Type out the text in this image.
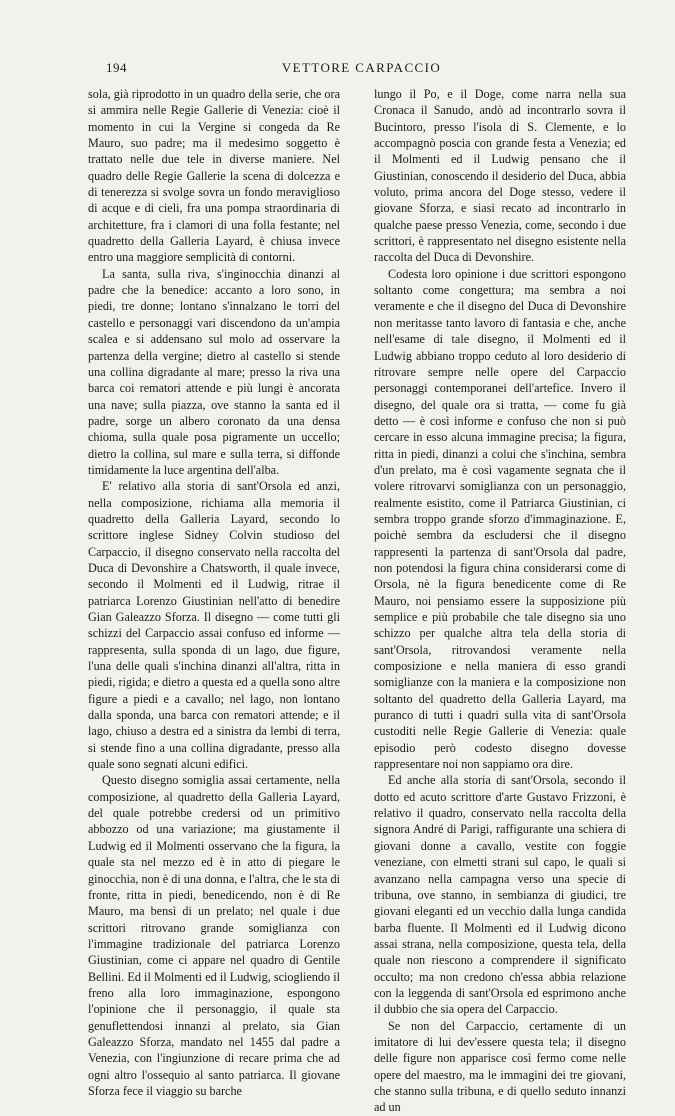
194	VETTORE CARPACCIO

sola, già riprodotto in un quadro della serie, che ora si ammira nelle Regie Gallerie di Venezia: cioè il momento in cui la Vergine si congeda da Re Mauro, suo padre; ma il medesimo soggetto è trattato nelle due tele in diverse maniere. Nel quadro delle Regie Gallerie la scena di dolcezza e di tenerezza si svolge sovra un fondo meraviglioso di acque e di cieli, fra una pompa straordinaria di architetture, fra i clamori di una folla festante; nel quadretto della Galleria Layard, è chiusa invece entro una maggiore semplicità di contorni.

La santa, sulla riva, s'inginocchia dinanzi al padre che la benedice: accanto a loro sono, in piedi, tre donne; lontano s'innalzano le torri del castello e personaggi vari discendono da un'ampia scalea e si addensano sul molo ad osservare la partenza della vergine; dietro al castello si stende una collina digradante al mare; presso la riva una barca coi rematori attende e più lungi è ancorata una nave; sulla piazza, ove stanno la santa ed il padre, sorge un albero coronato da una densa chioma, sulla quale posa pigramente un uccello; dietro la collina, sul mare e sulla terra, si diffonde timidamente la luce argentina dell'alba.

E' relativo alla storia di sant'Orsola ed anzi, nella composizione, richiama alla memoria il quadretto della Galleria Layard, secondo lo scrittore inglese Sidney Colvin studioso del Carpaccio, il disegno conservato nella raccolta del Duca di Devonshire a Chatsworth, il quale invece, secondo il Molmenti ed il Ludwig, ritrae il patriarca Lorenzo Giustinian nell'atto di benedire Gian Galeazzo Sforza. Il disegno — come tutti gli schizzi del Carpaccio assai confuso ed informe — rappresenta, sulla sponda di un lago, due figure, l'una delle quali s'inchina dinanzi all'altra, ritta in piedi, rigida; e dietro a questa ed a quella sono altre figure a piedi e a cavallo; nel lago, non lontano dalla sponda, una barca con rematori attende; e il lago, chiuso a destra ed a sinistra da lembi di terra, si stende fino a una collina digradante, presso alla quale sono segnati alcuni edifici.

Questo disegno somiglia assai certamente, nella composizione, al quadretto della Galleria Layard, del quale potrebbe credersi od un primitivo abbozzo od una variazione; ma giustamente il Ludwig ed il Molmenti osservano che la figura, la quale sta nel mezzo ed è in atto di piegare le ginocchia, non è di una donna, e l'altra, che le sta di fronte, ritta in piedi, benedicendo, non è di Re Mauro, ma bensì di un prelato; nel quale i due scrittori ritrovano grande somiglianza con l'immagine tradizionale del patriarca Lorenzo Giustinian, come ci appare nel quadro di Gentile Bellini. Ed il Molmenti ed il Ludwig, sciogliendo il freno alla loro immaginazione, espongono l'opinione che il personaggio, il quale sta genuflettendosi innanzi al prelato, sia Gian Galeazzo Sforza, mandato nel 1455 dal padre a Venezia, con l'ingiunzione di recare prima che ad ogni altro l'ossequio al santo patriarca. Il giovane Sforza fece il viaggio su barche

lungo il Po, e il Doge, come narra nella sua Cronaca il Sanudo, andò ad incontrarlo sovra il Bucintoro, presso l'isola di S. Clemente, e lo accompagnò poscia con grande festa a Venezia; ed il Molmenti ed il Ludwig pensano che il Giustinian, conoscendo il desiderio del Duca, abbia voluto, prima ancora del Doge stesso, vedere il giovane Sforza, e siasi recato ad incontrarlo in qualche paese presso Venezia, come, secondo i due scrittori, è rappresentato nel disegno esistente nella raccolta del Duca di Devonshire.

Codesta loro opinione i due scrittori espongono soltanto come congettura; ma sembra a noi veramente e che il disegno del Duca di Devonshire non meritasse tanto lavoro di fantasia e che, anche nell'esame di tale disegno, il Molmenti ed il Ludwig abbiano troppo ceduto al loro desiderio di ritrovare sempre nelle opere del Carpaccio personaggi contemporanei dell'artefice. Invero il disegno, del quale ora si tratta, — come fu già detto — è così informe e confuso che non si può cercare in esso alcuna immagine precisa; la figura, ritta in piedi, dinanzi a colui che s'inchina, sembra d'un prelato, ma è così vagamente segnata che il volere ritrovarvi somiglianza con un personaggio, realmente esistito, come il Patriarca Giustinian, ci sembra troppo grande sforzo d'immaginazione. E, poichè sembra da escludersi che il disegno rappresenti la partenza di sant'Orsola dal padre, non potendosi la figura china considerarsi come di Orsola, nè la figura benedicente come di Re Mauro, noi pensiamo essere la supposizione più semplice e più probabile che tale disegno sia uno schizzo per qualche altra tela della storia di sant'Orsola, ritrovandosi veramente nella composizione e nella maniera di esso grandi somiglianze con la maniera e la composizione non soltanto del quadretto della Galleria Layard, ma puranco di tutti i quadri sulla vita di sant'Orsola custoditi nelle Regie Gallerie di Venezia: quale episodio però codesto disegno dovesse rappresentare noi non sappiamo ora dire.

Ed anche alla storia di sant'Orsola, secondo il dotto ed acuto scrittore d'arte Gustavo Frizzoni, è relativo il quadro, conservato nella raccolta della signora André di Parigi, raffigurante una schiera di giovani donne a cavallo, vestite con foggie veneziane, con elmetti strani sul capo, le quali si avanzano nella campagna verso una specie di tribuna, ove stanno, in sembianza di giudici, tre giovani eleganti ed un vecchio dalla lunga candida barba fluente. Il Molmenti ed il Ludwig dicono assai strana, nella composizione, questa tela, della quale non riescono a comprendere il significato occulto; ma non credono ch'essa abbia relazione con la leggenda di sant'Orsola ed esprimono anche il dubbio che sia opera del Carpaccio.

Se non del Carpaccio, certamente di un imitatore di lui dev'essere questa tela; il disegno delle figure non apparisce così fermo come nelle opere del maestro, ma le immagini dei tre giovani, che stanno sulla tribuna, e di quello seduto innanzi ad un
